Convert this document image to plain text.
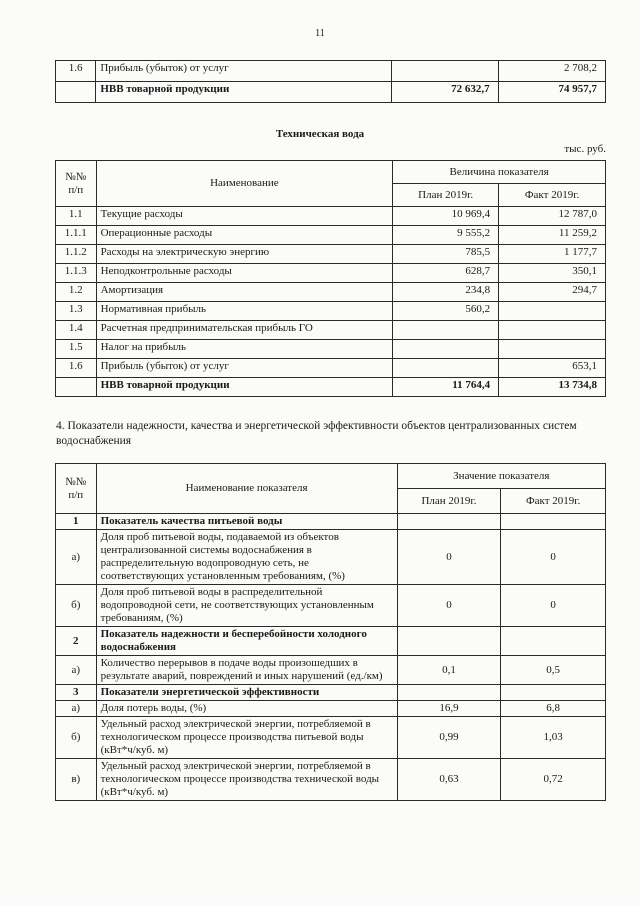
11
1.6	Прибыль (убыток) от услуг		2 708,2
	НВВ товарной продукции	72 632,7	74 957,7
Техническая вода
тыс. руб.
№№ п/п	Наименование	Величина показателя	
		План 2019г.	Факт 2019г.
1.1	Текущие расходы	10 969,4	12 787,0
1.1.1	Операционные расходы	9 555,2	11 259,2
1.1.2	Расходы на электрическую энергию	785,5	1 177,7
1.1.3	Неподконтрольные расходы	628,7	350,1
1.2	Амортизация	234,8	294,7
1.3	Нормативная прибыль	560,2	
1.4	Расчетная предпринимательская прибыль ГО		
1.5	Налог на прибыль		
1.6	Прибыль (убыток) от услуг		653,1
	НВВ товарной продукции	11 764,4	13 734,8
4. Показатели надежности, качества и энергетической эффективности объектов централизованных систем водоснабжения
№№ п/п	Наименование показателя	Значение показателя	
		План 2019г.	Факт 2019г.
1	Показатель качества питьевой воды		
а)	Доля проб питьевой воды, подаваемой из объектов централизованной системы водоснабжения в распределительную водопроводную сеть, не соответствующих установленным требованиям, (%)	0	0
б)	Доля проб питьевой воды в распределительной водопроводной сети, не соответствующих установленным требованиям, (%)	0	0
2	Показатель надежности и бесперебойности холодного водоснабжения		
а)	Количество перерывов в подаче воды произошедших в результате аварий, повреждений и иных нарушений (ед./км)	0,1	0,5
3	Показатели энергетической эффективности		
а)	Доля потерь воды, (%)	16,9	6,8
б)	Удельный расход электрической энергии, потребляемой в технологическом процессе производства питьевой воды (кВт*ч/куб. м)	0,99	1,03
в)	Удельный расход электрической энергии, потребляемой в технологическом процессе производства технической воды (кВт*ч/куб. м)	0,63	0,72
